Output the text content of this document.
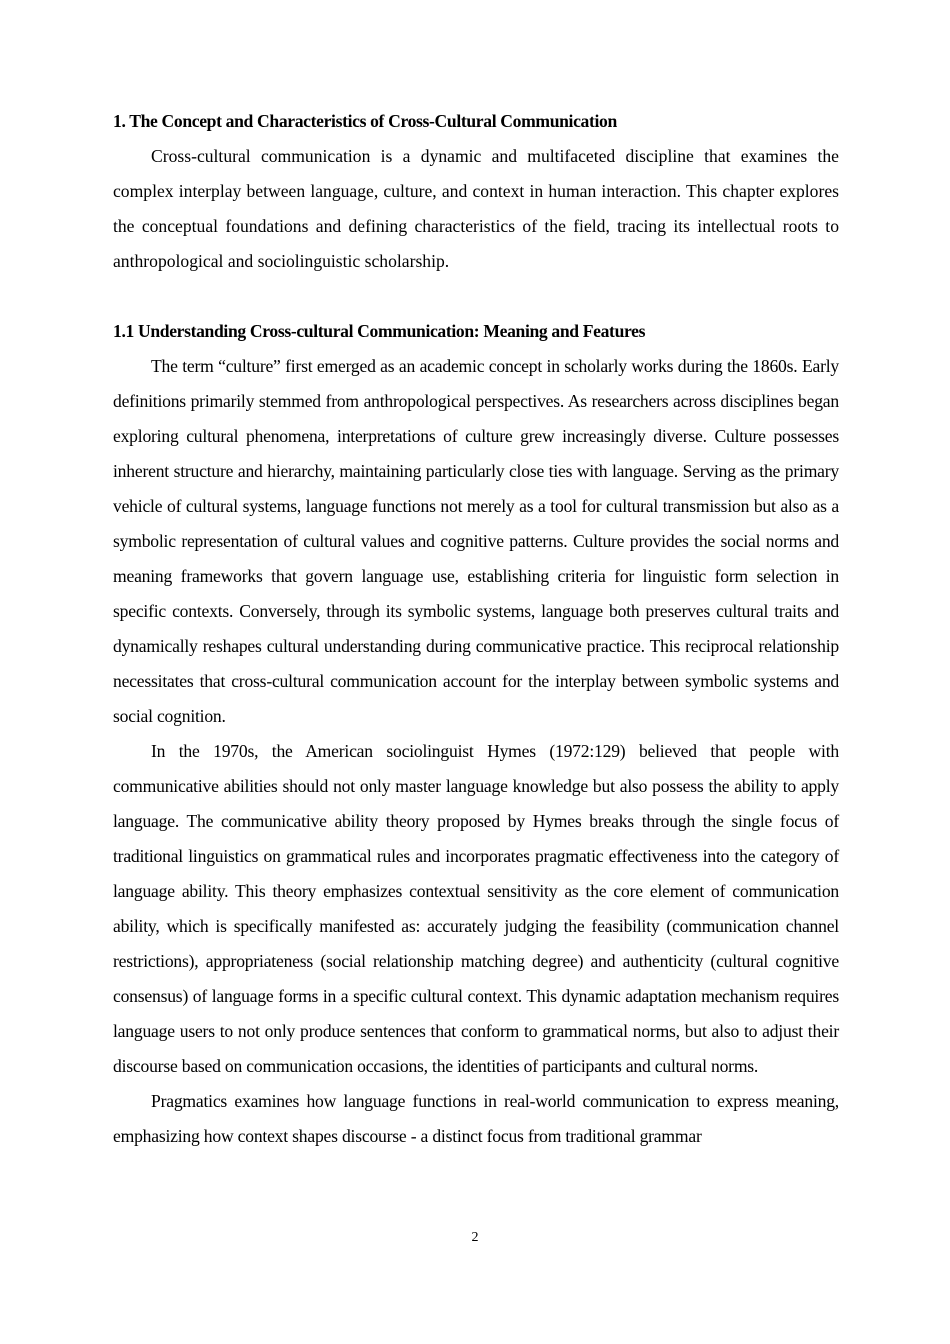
1. The Concept and Characteristics of Cross-Cultural Communication

Cross-cultural communication is a dynamic and multifaceted discipline that examines the complex interplay between language, culture, and context in human interaction. This chapter explores the conceptual foundations and defining characteristics of the field, tracing its intellectual roots to anthropological and sociolinguistic scholarship.

1.1 Understanding Cross-cultural Communication: Meaning and Features

The term “culture” first emerged as an academic concept in scholarly works during the 1860s. Early definitions primarily stemmed from anthropological perspectives. As researchers across disciplines began exploring cultural phenomena, interpretations of culture grew increasingly diverse. Culture possesses inherent structure and hierarchy, maintaining particularly close ties with language. Serving as the primary vehicle of cultural systems, language functions not merely as a tool for cultural transmission but also as a symbolic representation of cultural values and cognitive patterns. Culture provides the social norms and meaning frameworks that govern language use, establishing criteria for linguistic form selection in specific contexts. Conversely, through its symbolic systems, language both preserves cultural traits and dynamically reshapes cultural understanding during communicative practice. This reciprocal relationship necessitates that cross-cultural communication account for the interplay between symbolic systems and social cognition.

In the 1970s, the American sociolinguist Hymes (1972:129) believed that people with communicative abilities should not only master language knowledge but also possess the ability to apply language. The communicative ability theory proposed by Hymes breaks through the single focus of traditional linguistics on grammatical rules and incorporates pragmatic effectiveness into the category of language ability. This theory emphasizes contextual sensitivity as the core element of communication ability, which is specifically manifested as: accurately judging the feasibility (communication channel restrictions), appropriateness (social relationship matching degree) and authenticity (cultural cognitive consensus) of language forms in a specific cultural context. This dynamic adaptation mechanism requires language users to not only produce sentences that conform to grammatical norms, but also to adjust their discourse based on communication occasions, the identities of participants and cultural norms.

Pragmatics examines how language functions in real-world communication to express meaning, emphasizing how context shapes discourse - a distinct focus from traditional grammar

2
